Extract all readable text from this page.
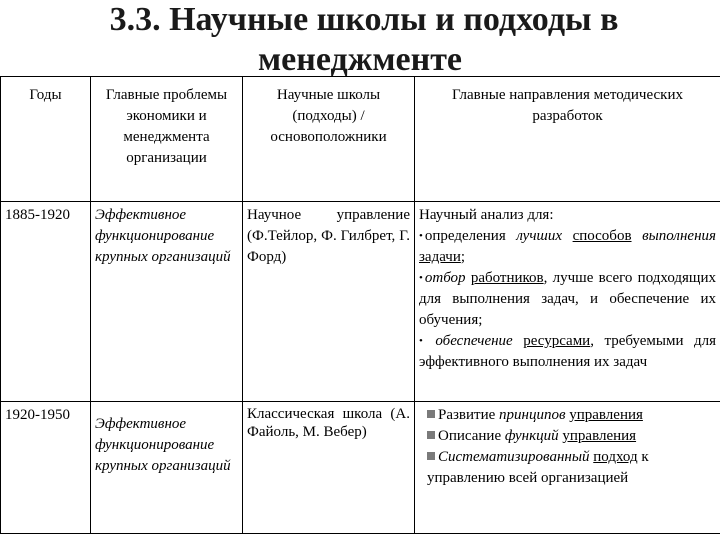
3.3. Научные школы и подходы в
менеджменте
Годы	Главные проблемы экономики и менеджмента организации	Научные школы (подходы) /основоположники	Главные направления методических разработок
1885-1920	Эффективное функционирование крупных организаций	Научное управление (Ф.Тейлор, Ф. Гилбрет, Г. Форд)	Научный анализ для:
• определения лучших способов выполнения задачи;
• отбор работников, лучше всего подходящих для выполнения задач, и обеспечение их обучения;
• обеспечение ресурсами, требуемыми для эффективного выполнения их задач

1920-1950	Эффективное функционирование крупных организаций	Классическая школа (А. Файоль, М. Вебер)	Развитие принципов управления
Описание функций управления
Систематизированный подход к управлению всей организацией
